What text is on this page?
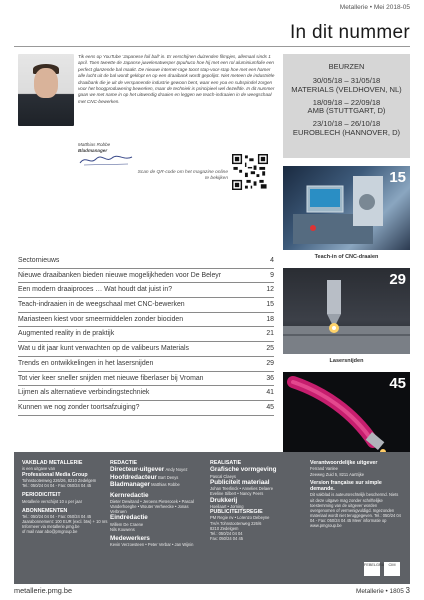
Metallerie • Mei 2018-05
In dit nummer
Tik eens op YouTube 'Japanese foil ball' in. Er verschijnen duizenden filmpjes, allemaal sinds 1 april. Toen tweette de Japanse juwelenatwerper Ippuhuco hoe hij met een rol aluminiumfolie een perfect glanzende bal maakt. De nieuwe internet-rage toont stap-voor-stap hoe met een hamer alle lucht uit de bal wordt geklopt en op een draaibank wordt gepolijst. Niet meteen de industriële draaibank die je uit de verspanende industrie gewoon bent, waar een yoa en subspindel zorgen voor het hoogproduwering bewerken, maar de techniek is principieel wel dezelfde. In dit nummer gaan we met name in op het uitwendig draaien en leggen we teach-indraaien in de weegschaal met CNC-bewerken.
Matthias Robbe
Bladmanager
Scan de QR-code om het magazine online te bekijken
BEURZEN
30/05/18 – 31/05/18
MATERIALS (VELDHOVEN, NL)
18/09/18 – 22/09/18
AMB (STUTTGART, D)
23/10/18 – 26/10/18
EUROBLECH (HANNOVER, D)
15
Teach-in of CNC-draaien
29
Lasersnijden
45
Sectornieuws	4
Nieuwe draaibanken bieden nieuwe mogelijkheden voor De Beleyr	9
Een modern draaiproces … Wat houdt dat juist in?	12
Teach-indraaien in de weegschaal met CNC-bewerken	15
Mariasteen kiest voor smeermiddelen zonder biociden	18
Augmented reality in de praktijk	21
Wat u dit jaar kunt verwachten op de valibeurs Materials	25
Trends en ontwikkelingen in het lasersnijden	29
Tot vier keer sneller snijden met nieuwe fiberlaser bij Vroman	36
Lijmen als alternatieve verbindingstechniek	41
Kunnen we nog zonder toortsafzuiging?	45
VAKBLAD METALLERIE
is een uitgave van
Professional Media Group
Tohnstootenweg 226/26, 8210 Zedelgem
Tel.: 050/24 04 04 - Fax: 050/24 04 45
PERIODICITEIT
Metallerie verschijnt 10 x per jaar
ABONNEMENTEN
Tel.: 050/24 04 04 - Fax: 050/24 04 45
Jaarabonnement: 100 EUR (excl. btw) + 10 nrs
Informeer via metallerie.pmg.be
of mail naar abo@pmgroup.be
REDACTIE
Directeur-uitgever Andy Noyez
Hoofdredacteur Bart Denys
Bladmanager Matthias Robbe
Kernredactie
Dieter Dewitand • Jeroens Pieterocek • Pascal Vanderhoeghe • Wouter Verheecke • Jonas Verbruen
Eindredactie
Willem De Craene
Nils Kouwens
Medewerkers
Kevin Verzoesteen • Peter Verbar • Jan Wijnin
REALISATIE
Grafische vormgeving
Pascal Claeys
Publiciteit materiaal
Johan Teerlinck • Annelies Delaere
Eveline Silbert • Nancy Peers
Drukkerij
Hoeilaart • Jorning
PUBLICITEITSREGIE
PM Regie nv • Lorenzo Debeyne
TH/A Tohnstootenweg 226/6
8210 Zedelgem
Tel.: 050/24 04 04
Fax: 050/24 04 45
Verantwoordelijke uitgever
Ferrand Vanlee
Zeeweg Zuid 5, 8211 Aartrijke
Version française sur simple demande.
Dit vakblad is auteursrechtelijk beschermd. Niets uit deze uitgave mag zonder schriftelijke toestemming van de uitgever worden overgenomen of vermenigvuldigd. Ingezonden materiaal wordt niet teruggegeven. Tel.: 050/24 04 04 - Fax: 050/24 04 45 Meer informatie op www.pmgroup.be
FEBELGRA	CIM
metallerie.pmg.be	Metallerie • 1805 3
